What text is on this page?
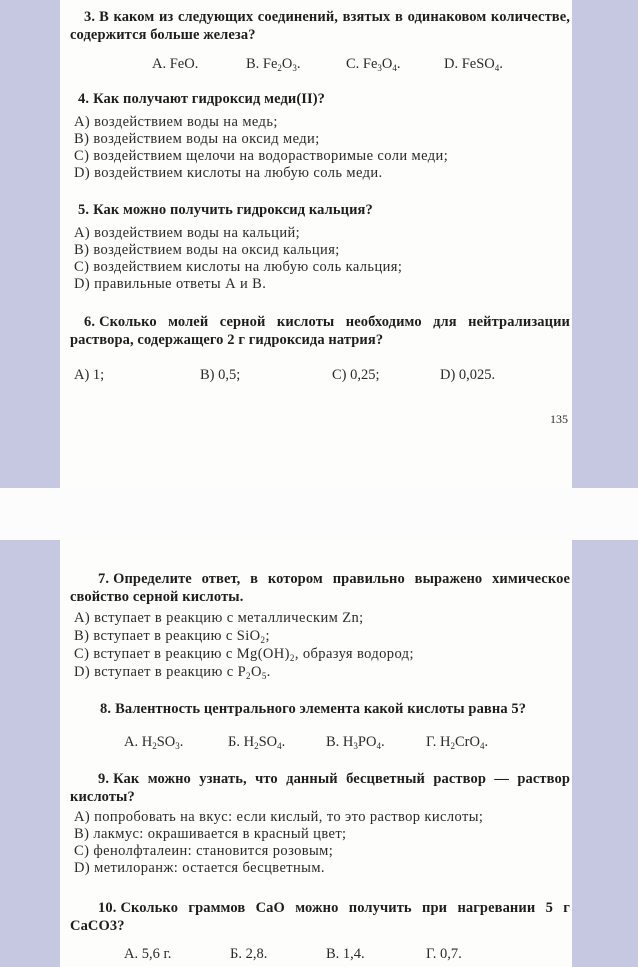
3. В каком из следующих соединений, взятых в одинаковом количестве, содержится больше железа?
A. FeO.	B. $Fe_2O_3$.	C. $Fe_3O_4$.	D. FeSO$_4$.
4. Как получают гидроксид меди(II)?
A) воздействием воды на медь;
B) воздействием воды на оксид меди;
C) воздействием щелочи на водорастворимые соли меди;
D) воздействием кислоты на любую соль меди.
5. Как можно получить гидроксид кальция?
A) воздействием воды на кальций;
B) воздействием воды на оксид кальция;
C) воздействием кислоты на любую соль кальция;
D) правильные ответы А и В.
6. Сколько молей серной кислоты необходимо для нейтрализации раствора, содержащего 2 г гидроксида натрия?
A) 1;	B) 0,5;	C) 0,25;	D) 0,025.
135
7. Определите ответ, в котором правильно выражено химическое свойство серной кислоты.
A) вступает в реакцию с металлическим Zn;
B) вступает в реакцию с SiO$_2$;
C) вступает в реакцию с $Mg(OH)_2$, образуя водород;
D) вступает в реакцию с $P_2O_5$.
8. Валентность центрального элемента какой кислоты равна 5?
А. $H_2SO_3$.	Б. $H_2SO_4$.	В. $H_3PO_4$.	Г. $H_2CrO_4$.
9. Как можно узнать, что данный бесцветный раствор — раствор кислоты?
A) попробовать на вкус: если кислый, то это раствор кислоты;
B) лакмус: окрашивается в красный цвет;
C) фенолфталеин: становится розовым;
D) метилоранж: остается бесцветным.
10. Сколько граммов CaO можно получить при нагревании 5 г CaCO3?
А. 5,6 г.	Б. 2,8.	В. 1,4.	Г. 0,7.
